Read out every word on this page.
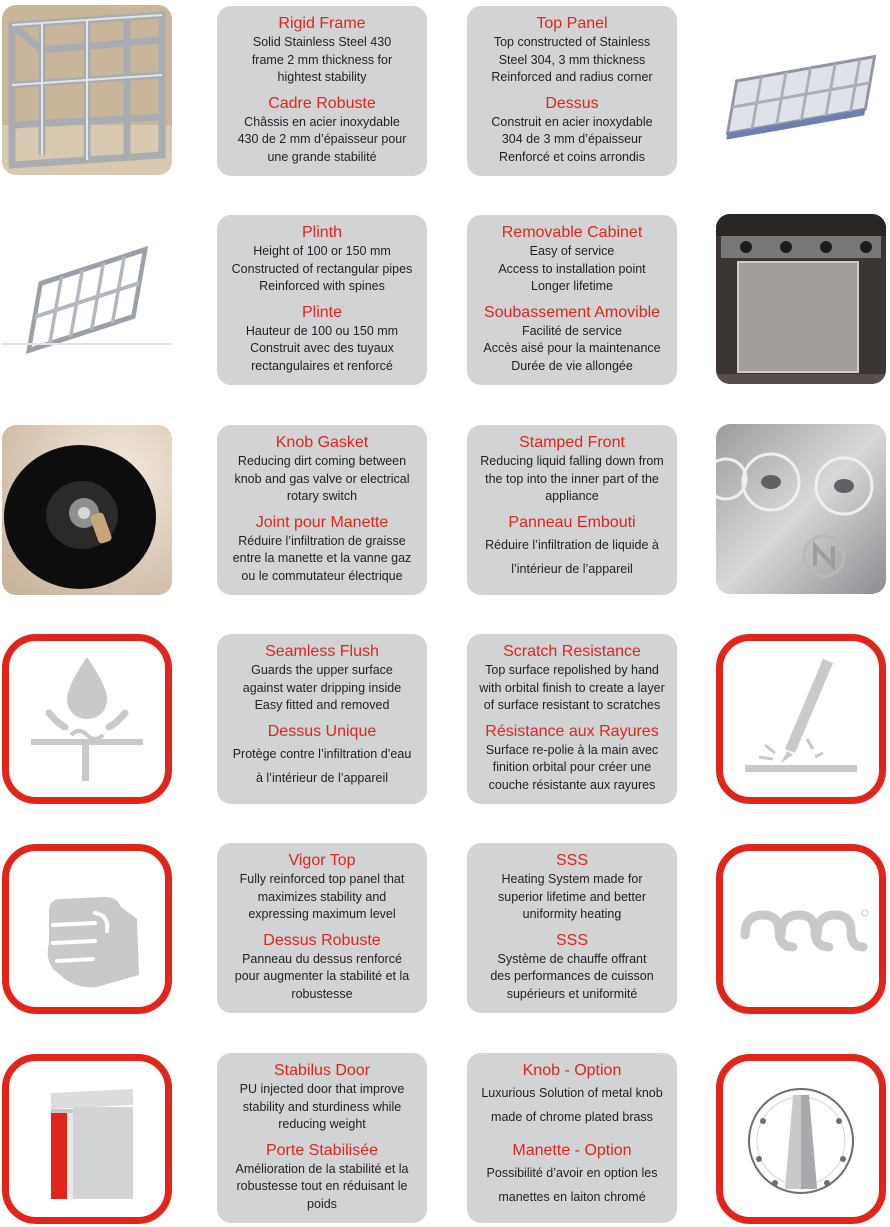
Rigid Frame

Solid Stainless Steel 430
frame 2 mm thickness for
hightest stability

Cadre Robuste

Châssis en acier inoxydable
430 de 2 mm d’épaisseur pour
une grande stabilité

Top Panel

Top constructed of Stainless
Steel 304, 3 mm thickness
Reinforced and radius corner

Dessus

Construit en acier inoxydable
304 de 3 mm d’épaisseur
Renforcé et coins arrondis

Plinth

Height of 100 or 150 mm
Constructed of rectangular pipes
Reinforced with spines

Plinte

Hauteur de 100 ou 150 mm
Construit avec des tuyaux
rectangulaires et renforcé

Removable Cabinet

Easy of service
Access to installation point
Longer lifetime

Soubassement Amovible

Facilité de service
Accès aisé pour la maintenance
Durée de vie allongée

Knob Gasket

Reducing dirt coming between
knob and gas valve or electrical
rotary switch

Joint pour Manette

Réduire l’infiltration de graisse
entre la manette et la vanne gaz
ou le commutateur électrique

Stamped Front

Reducing liquid falling down from
the top into the inner part of the
appliance

Panneau Embouti

Réduire l’infiltration de liquide à
l’intérieur de l’appareil

Seamless Flush

Guards the upper surface
against water dripping inside
Easy fitted and removed

Dessus Unique

Protège contre l’infiltration d’eau
à l’intérieur de l’appareil

Scratch Resistance

Top surface repolished by hand
with orbital finish to create a layer
of surface resistant to scratches

Résistance aux Rayures

Surface re-polie à la main avec
finition orbital pour créer une
couche résistante aux rayures

Vigor Top

Fully reinforced top panel that
maximizes stability and
expressing maximum level

Dessus Robuste

Panneau du dessus renforcé
pour augmenter la stabilité et la
robustesse

SSS

Heating System made for
superior lifetime and better
uniformity heating

SSS

Système de chauffe offrant
des performances de cuisson
supérieurs et uniformité

Stabilus Door

PU injected door that improve
stability and sturdiness while
reducing weight

Porte Stabilisée

Amélioration de la stabilité et la
robustesse tout en réduisant le
poids

Knob - Option

Luxurious Solution of metal knob
made of chrome plated brass

Manette - Option

Possibilité d’avoir en option les
manettes en laiton chromé
